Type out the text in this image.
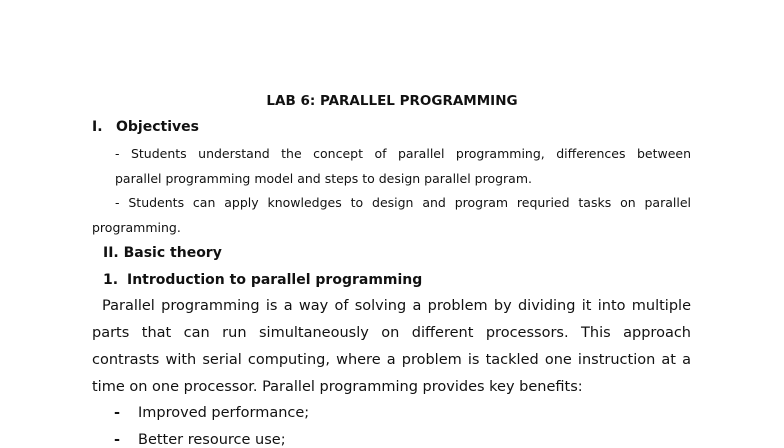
LAB 6: PARALLEL PROGRAMMING
I. Objectives
- Students understand the concept of parallel programming, differences between
parallel programming model and steps to design parallel program.
- Students can apply knowledges to design and program requried tasks on parallel
programming.
II. Basic theory
1. Introduction to parallel programming
Parallel programming is a way of solving a problem by dividing it into multiple
parts that can run simultaneously on different processors. This approach
contrasts with serial computing, where a problem is tackled one instruction at a
time on one processor. Parallel programming provides key benefits:
- Improved performance;
- Better resource use;
